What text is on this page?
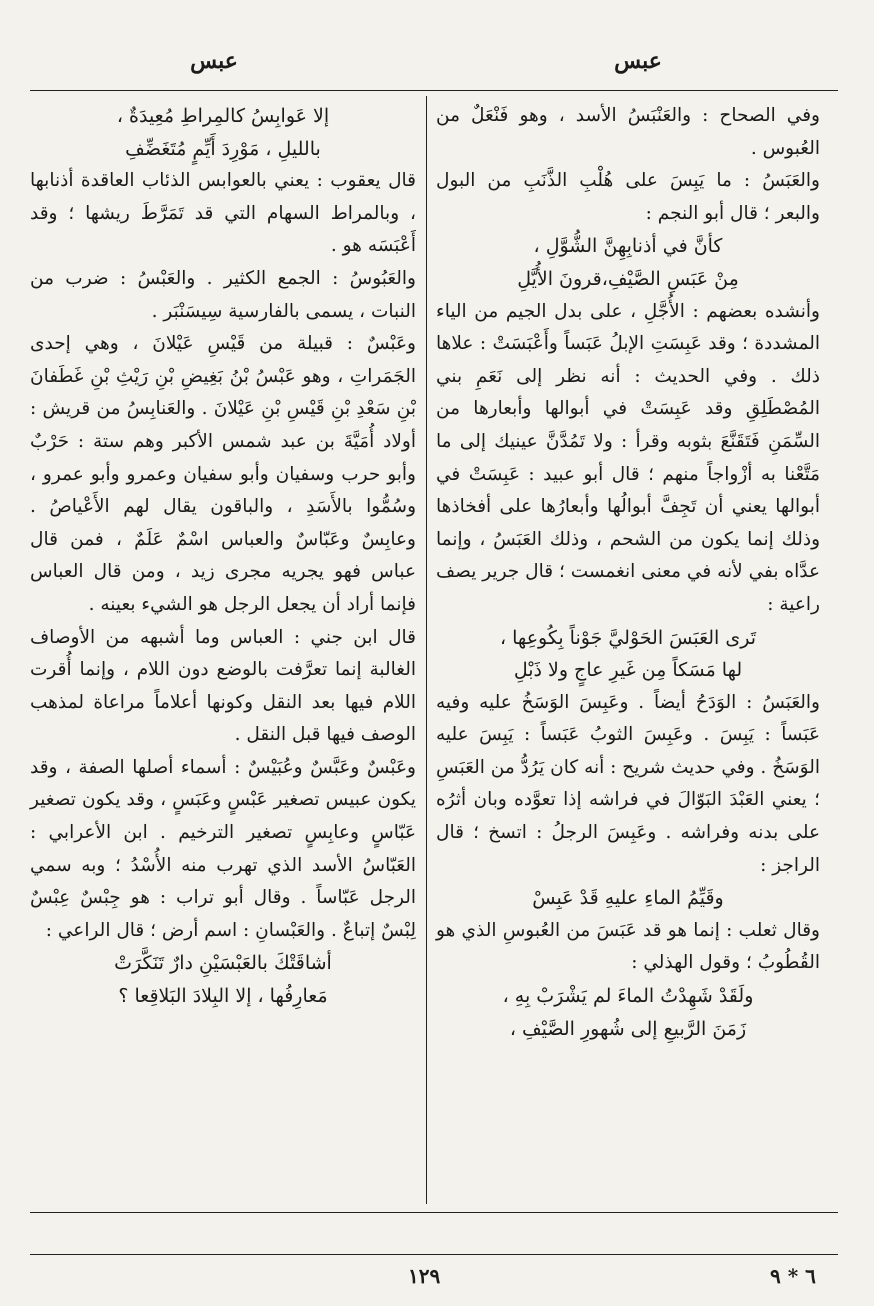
عبس	عبس

وفي الصحاح : والعَنْبَسُ الأسد ، وهو فَنْعَلٌ من العُبوس .

والعَبَسُ : ما يَبِسَ على هُلْبِ الذَّنَبِ من البول والبعر ؛ قال أبو النجم :

كأنَّ في أذنابِهِنَّ الشُّوَّلِ ،

مِنْ عَبَسِ الصَّيْفِ،قرونَ الأُيَّلِ

وأنشده بعضهم : الأُجَّلِ ، على بدل الجيم من الياء المشددة ؛ وقد عَبِسَتِ الإبلُ عَبَساً وأَعْبَسَتْ : علاها ذلك . وفي الحديث : أنه نظر إلى نَعَمِ بني المُصْطَلِقِ وقد عَبِسَتْ في أبوالها وأبعارها من السِّمَنِ فَتَقَنَّعَ بثوبه وقرأ : ولا تَمُدَّنَّ عينيك إلى ما مَتَّعْنا به أزْواجاً منهم ؛ قال أبو عبيد : عَبِسَتْ في أبوالها يعني أن تَجِفَّ أبوالُها وأبعارُها على أفخاذها وذلك إنما يكون من الشحم ، وذلك العَبَسُ ، وإنما عدَّاه بفي لأنه في معنى انغمست ؛ قال جرير يصف راعية :

تَرى العَبَسَ الحَوْليَّ جَوْناً بِكُوعِها ،

لها مَسَكاً مِن غَيرِ عاجٍ ولا ذَبْلِ

والعَبَسُ : الوَدَحُ أيضاً . وعَبِسَ الوَسَخُ عليه وفيه عَبَساً : يَبِسَ . وعَبِسَ الثوبُ عَبَساً : يَبِسَ عليه الوَسَخُ . وفي حديث شريح : أنه كان يَرُدُّ من العَبَسِ ؛ يعني العَبْدَ البَوّالَ في فراشه إذا تعوَّده وبان أثرُه على بدنه وفراشه . وعَبِسَ الرجلُ : اتسخ ؛ قال الراجز :

وقَيِّمُ الماءِ عليهِ قَدْ عَبِسْ

وقال ثعلب : إنما هو قد عَبَسَ من العُبوسِ الذي هو القُطُوبُ ؛ وقول الهذلي :

ولَقَدْ شَهِدْتُ الماءَ لم يَشْرَبْ بِهِ ،

زَمَنَ الرَّبيعِ إلى شُهورِ الصَّيْفِ ،

إلا عَوابِسُ كالمِراطِ مُعِيدَةٌ ،

بالليلِ ، مَوْرِدَ أَيِّمٍ مُتَغَضِّفِ

قال يعقوب : يعني بالعوابس الذئاب العاقدة أذنابها ، وبالمراط السهام التي قد تَمَرَّطَ ريشها ؛ وقد أَعْبَسَه هو .

والعَبُوسُ : الجمع الكثير . والعَبْسُ : ضرب من النبات ، يسمى بالفارسية سِيسَنْبَر .

وعَبْسٌ : قبيلة من قَيْسِ عَيْلانَ ، وهي إحدى الجَمَراتِ ، وهو عَبْسُ بْنُ بَغِيضِ بْنِ رَيْثِ بْنِ غَطَفانَ بْنِ سَعْدِ بْنِ قَيْسِ بْنِ عَيْلانَ . والعَنابِسُ من قريش : أولاد أُمَيَّةَ بن عبد شمس الأكبر وهم ستة : حَرْبٌ وأبو حرب وسفيان وأبو سفيان وعمرو وأبو عمرو ، وسُمُّوا بالأَسَدِ ، والباقون يقال لهم الأَعْياصُ . وعابِسٌ وعَبّاسٌ والعباس اسْمٌ عَلَمٌ ، فمن قال عباس فهو يجريه مجرى زيد ، ومن قال العباس فإنما أراد أن يجعل الرجل هو الشيء بعينه .

قال ابن جني : العباس وما أشبهه من الأوصاف الغالبة إنما تعرَّفت بالوضع دون اللام ، وإنما أُقرت اللام فيها بعد النقل وكونها أعلاماً مراعاة لمذهب الوصف فيها قبل النقل .

وعَبْسٌ وعَبَّسٌ وعُبَيْسٌ : أسماء أصلها الصفة ، وقد يكون عبيس تصغير عَبْسٍ وعَبَسٍ ، وقد يكون تصغير عَبّاسٍ وعابِسٍ تصغير الترخيم . ابن الأعرابي : العَبّاسُ الأسد الذي تهرب منه الأُسْدُ ؛ وبه سمي الرجل عَبّاساً . وقال أبو تراب : هو جِبْسٌ عِبْسٌ لِبْسٌ إتباعٌ . والعَبْسانِ : اسم أرض ؛ قال الراعي :

أشاقَتْكَ بالعَبْسَيْنِ دارٌ تَنَكَّرَتْ

مَعارِفُها ، إلا البِلادَ البَلاقِعا ؟

١٢٩	٦ * ٩
